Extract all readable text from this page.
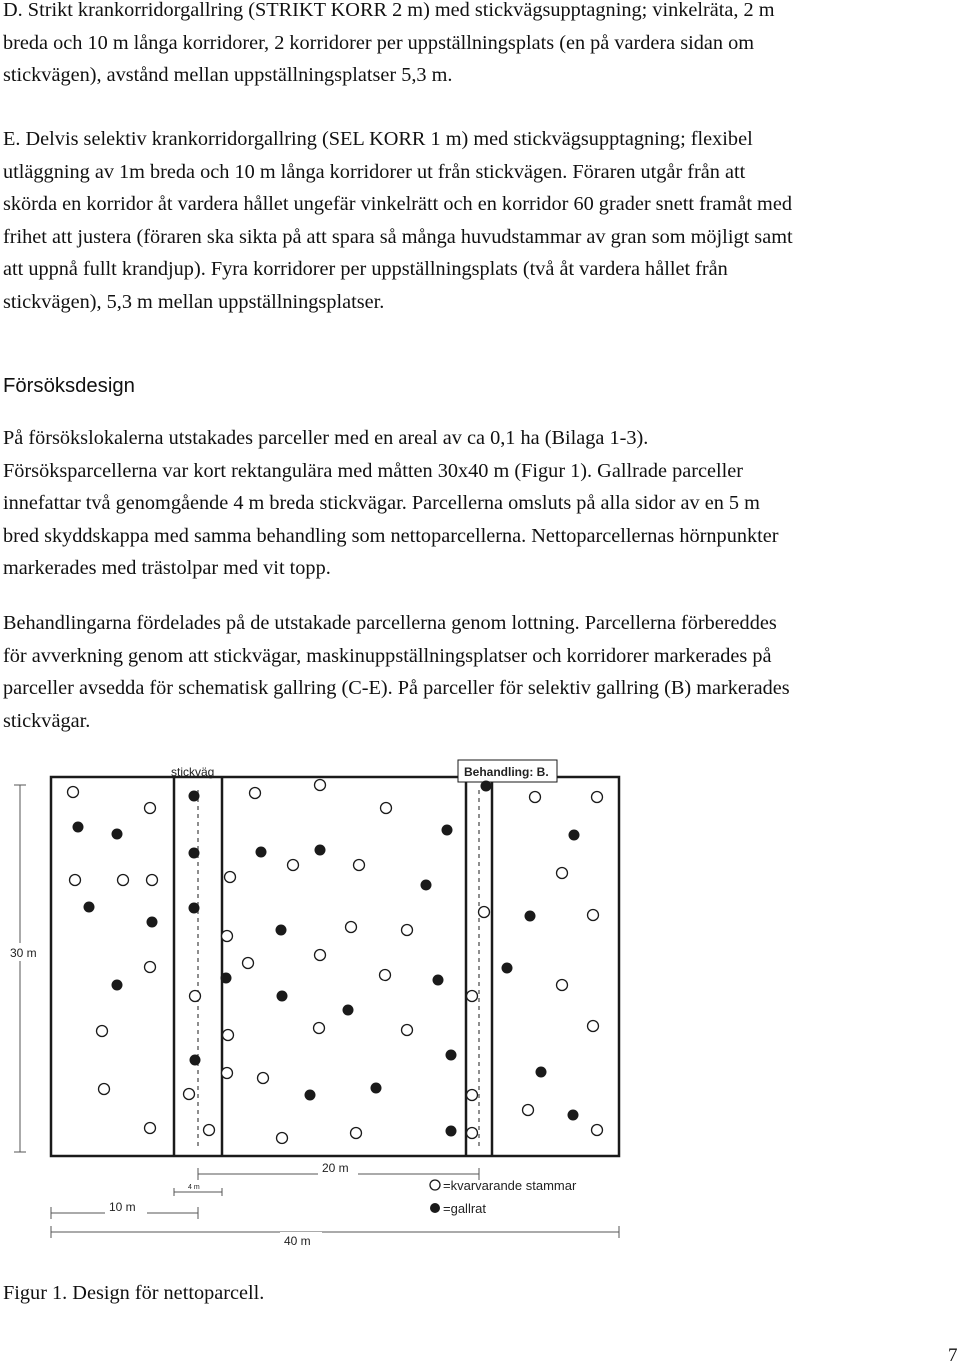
D. Strikt krankorridorgallring (STRIKT KORR 2 m) med stickvägsupptagning; vinkelräta, 2 m
breda och 10 m långa korridorer, 2 korridorer per uppställningsplats (en på vardera sidan om
stickvägen), avstånd mellan uppställningsplatser 5,3 m.
E. Delvis selektiv krankorridorgallring (SEL KORR 1 m) med stickvägsupptagning; flexibel
utläggning av 1m breda och 10 m långa korridorer ut från stickvägen. Föraren utgår från att
skörda en korridor åt vardera hållet ungefär vinkelrätt och en korridor 60 grader snett framåt med
frihet att justera (föraren ska sikta på att spara så många huvudstammar av gran som möjligt samt
att uppnå fullt krandjup). Fyra korridorer per uppställningsplats (två åt vardera hållet från
stickvägen), 5,3 m mellan uppställningsplatser.
Försöksdesign
På försökslokalerna utstakades parceller med en areal av ca 0,1 ha (Bilaga 1-3).
Försöksparcellerna var kort rektangulära med måtten 30x40 m (Figur 1). Gallrade parceller
innefattar två genomgående 4 m breda stickvägar. Parcellerna omsluts på alla sidor av en 5 m
bred skyddskappa med samma behandling som nettoparcellerna. Nettoparcellernas hörnpunkter
markerades med trästolpar med vit topp.
Behandlingarna fördelades på de utstakade parcellerna genom lottning. Parcellerna förbereddes
för avverkning genom att stickvägar, maskinuppställningsplatser och korridorer markerades på
parceller avsedda för schematisk gallring (C-E). På parceller för selektiv gallring (B) markerades
stickvägar.
stickväg	Behandling: B.
30 m
20 m
4 m
10 m
40 m
=kvarvarande stammar
=gallrat
Figur 1. Design för nettoparcell.
7
